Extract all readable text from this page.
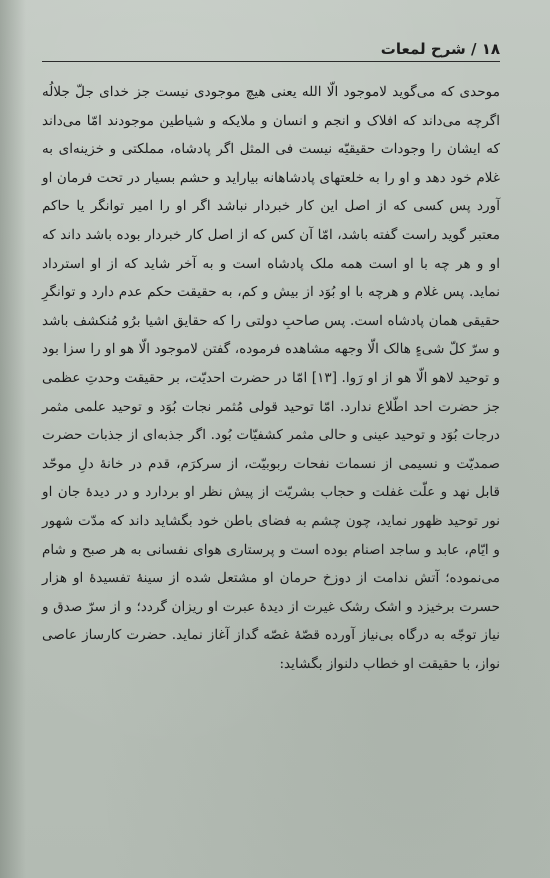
۱۸ / شرح لمعات
موحدی که می‌گوید لاموجود الّا الله یعنی هیچ موجودی نیست جز خدای جلّ جلالُه اگرچه می‌داند که افلاک و انجم و انسان و ملایکه و شیاطین موجودند امّا می‌داند که ایشان را وجودات حقیقیّه نیست فی المثل اگر پادشاه، مملکتی و خزینه‌ای به غلام خود دهد و او را به خلعتهای پادشاهانه بیاراید و حشم بسیار در تحت فرمان او آورد پس کسی که از اصل این کار خبردار نباشد اگر او را امیر توانگر یا حاکم معتبر گوید راست گفته باشد، امّا آن کس که از اصل کار خبردار بوده باشد داند که او و هر چه با او است همه ملک پادشاه است و به آخر شاید که از او استرداد نماید. پس غلام و هرچه با او بُوَد از بیش و کم، به حقیقت حکم عدم دارد و توانگرِ حقیقی همان پادشاه است. پس صاحبِ دولتی را که حقایق اشیا برُو مُنکشف باشد و سرّ کلّ شیءٍ هالک الّا وجهه مشاهده فرموده، گفتن لاموجود الّا هو او را سزا بود و توحید لاهو الّا هو از او رَوا. [۱۳] امّا در حضرت احدیّت، بر حقیقت وحدتِ عظمی جز حضرت احد اطّلاع ندارد. امّا توحید قولی مُثمر نجات بُوَد و توحید علمی مثمر درجات بُوَد و توحید عینی و حالی مثمر کشفیّات بُود. اگر جذبه‌ای از جذبات حضرت صمدیّت و نسیمی از نسمات نفحات ربوبیّت، از سرکرَم، قدم در خانهٔ دلِ موحّد قابل نهد و علّت غفلت و حجاب بشریّت از پیش نظر او بردارد و در دیدهٔ جان او نور توحید ظهور نماید، چون چشم به فضای باطن خود بگشاید داند که مدّت شهور و ایّام، عابد و ساجد اصنام بوده است و پرستاری هوای نفسانی به هر صبح و شام می‌نموده؛ آتش ندامت از دوزخ حرمان او مشتعل شده از سینهٔ تفسیدهٔ او هزار حسرت برخیزد و اشک رشک غیرت از دیدهٔ عبرت او ریزان گردد؛ و از سرّ صدق و نیاز توجّه به درگاه بی‌نیاز آورده قصّهٔ غصّه گداز آغاز نماید. حضرت کارساز عاصی نواز، با حقیقت او خطاب دلنواز بگشاید:
